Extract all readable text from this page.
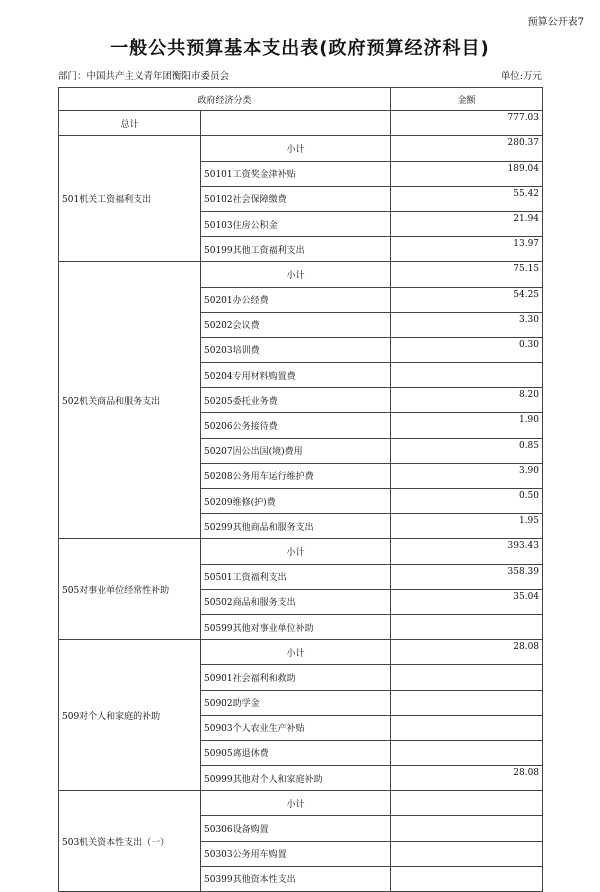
预算公开表7
一般公共预算基本支出表(政府预算经济科目)
部门：中国共产主义青年团衡阳市委员会	单位:万元
政府经济分类		金额
总计		777.03
501机关工资福利支出	小计	280.37
	50101工资奖金津补贴	189.04
	50102社会保障缴费	55.42
	50103住房公积金	21.94
	50199其他工资福利支出	13.97
502机关商品和服务支出	小计	75.15
	50201办公经费	54.25
	50202会议费	3.30
	50203培训费	0.30
	50204专用材料购置费	
	50205委托业务费	8.20
	50206公务接待费	1.90
	50207因公出国(境)费用	0.85
	50208公务用车运行维护费	3.90
	50209维修(护)费	0.50
	50299其他商品和服务支出	1.95
505对事业单位经常性补助	小计	393.43
	50501工资福利支出	358.39
	50502商品和服务支出	35.04
	50599其他对事业单位补助	
509对个人和家庭的补助	小计	28.08
	50901社会福利和救助	
	50902助学金	
	50903个人农业生产补贴	
	50905离退休费	
	50999其他对个人和家庭补助	28.08
503机关资本性支出（一）	小计	
	50306设备购置	
	50303公务用车购置	
	50399其他资本性支出	
